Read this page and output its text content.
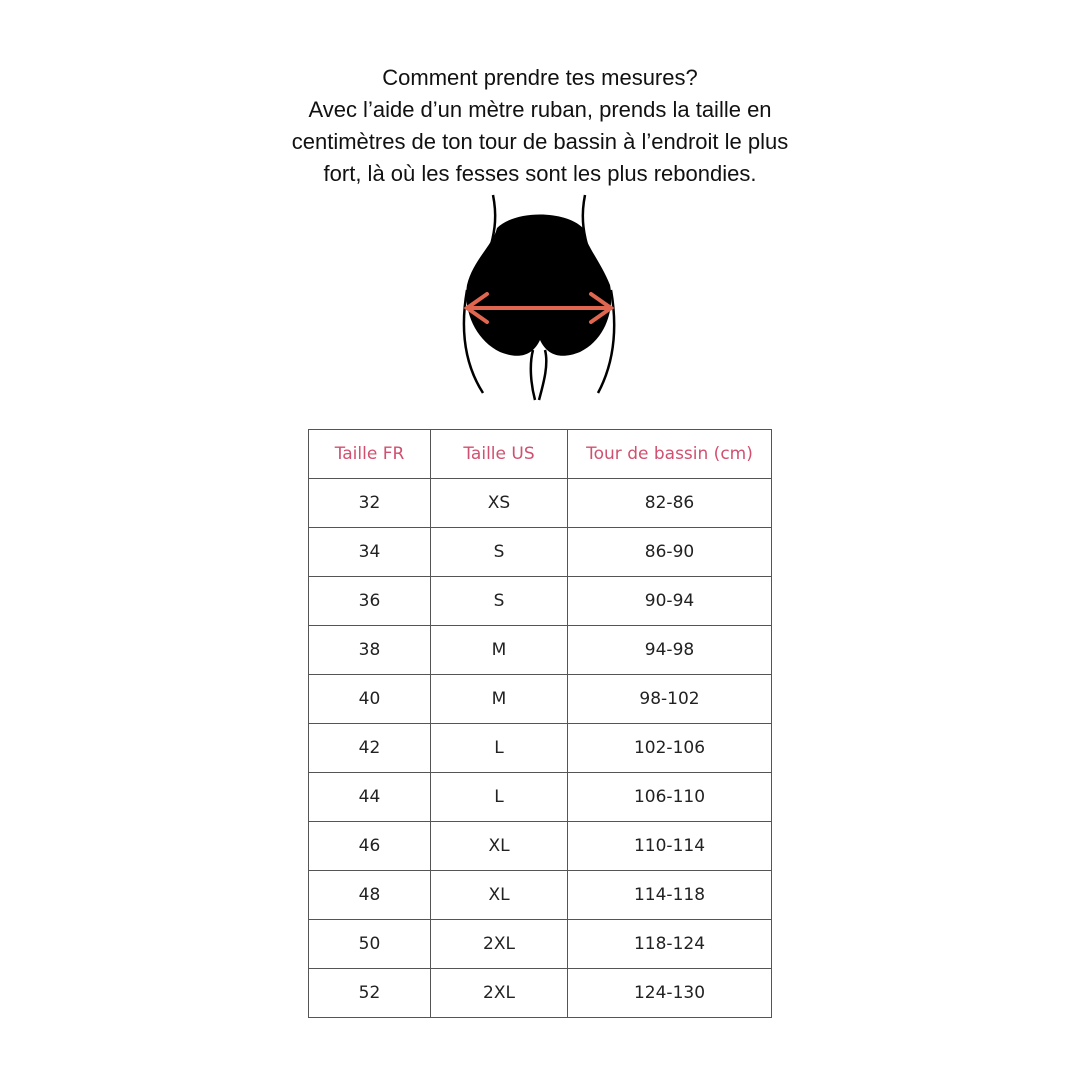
Comment prendre tes mesures?
Avec l’aide d’un mètre ruban, prends la taille en
centimètres de ton tour de bassin à l’endroit le plus
fort, là où les fesses sont les plus rebondies.
Taille FR	Taille US	Tour de bassin (cm)
32	XS	82-86
34	S	86-90
36	S	90-94
38	M	94-98
40	M	98-102
42	L	102-106
44	L	106-110
46	XL	110-114
48	XL	114-118
50	2XL	118-124
52	2XL	124-130
